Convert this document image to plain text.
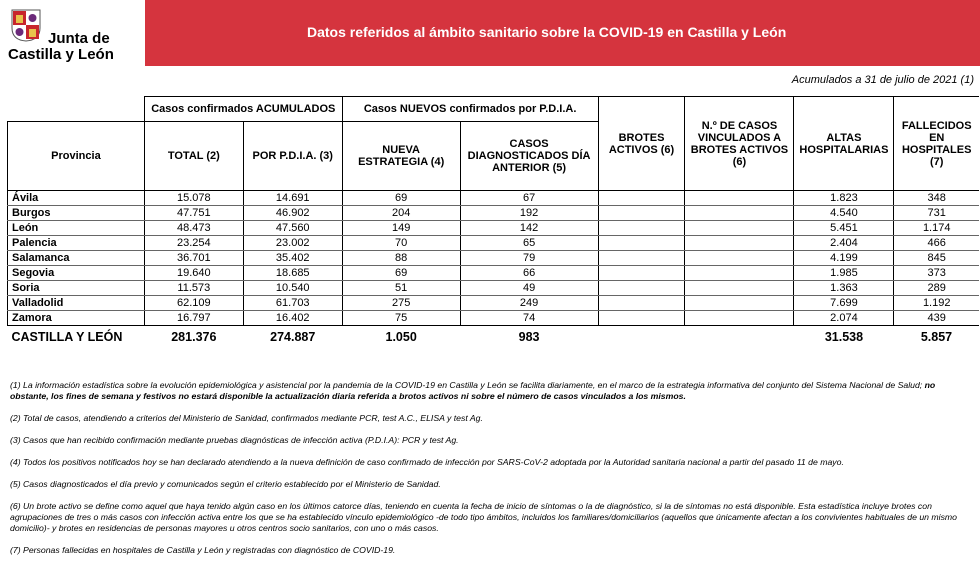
Junta de
Castilla y León
Datos referidos al ámbito sanitario sobre la COVID-19 en Castilla y León
Acumulados a 31 de julio de 2021 (1)
	Casos confirmados ACUMULADOS		Casos NUEVOS confirmados por P.D.I.A.		BROTES ACTIVOS (6)	N.º DE CASOS VINCULADOS A BROTES ACTIVOS (6)	ALTAS HOSPITALARIAS	FALLECIDOS EN HOSPITALES (7)
Provincia	TOTAL (2)	POR P.D.I.A. (3)	NUEVA ESTRATEGIA (4)	CASOS DIAGNOSTICADOS DÍA ANTERIOR (5)				
Ávila	15.078	14.691	69	67			1.823	348
Burgos	47.751	46.902	204	192			4.540	731
León	48.473	47.560	149	142			5.451	1.174
Palencia	23.254	23.002	70	65			2.404	466
Salamanca	36.701	35.402	88	79			4.199	845
Segovia	19.640	18.685	69	66			1.985	373
Soria	11.573	10.540	51	49			1.363	289
Valladolid	62.109	61.703	275	249			7.699	1.192
Zamora	16.797	16.402	75	74			2.074	439
CASTILLA Y LEÓN	281.376	274.887	1.050	983			31.538	5.857

(1) La información estadística sobre la evolución epidemiológica y asistencial por la pandemia de la COVID-19 en Castilla y León se facilita diariamente, en el marco de la estrategia informativa del conjunto del Sistema Nacional de Salud; no obstante, los fines de semana y festivos no estará disponible la actualización diaria referida a brotos activos ni sobre el número de casos vinculados a los mismos.

(2) Total de casos, atendiendo a criterios del Ministerio de Sanidad, confirmados mediante PCR, test A.C., ELISA y test Ag.

(3) Casos que han recibido confirmación mediante pruebas diagnósticas de infección activa (P.D.I.A): PCR y test Ag.

(4) Todos los positivos notificados hoy se han declarado atendiendo a la nueva definición de caso confirmado de infección por SARS-CoV-2 adoptada por la Autoridad sanitaria nacional a partir del pasado 11 de mayo.

(5) Casos diagnosticados el día previo y comunicados según el criterio establecido por el Ministerio de Sanidad.

(6) Un brote activo se define como aquel que haya tenido algún caso en los últimos catorce días, teniendo en cuenta la fecha de inicio de síntomas o la de diagnóstico, si la de síntomas no está disponible. Esta estadística incluye brotes con agrupaciones de tres o más casos con infección activa entre los que se ha establecido vínculo epidemiológico -de todo tipo ámbitos, incluidos los familiares/domiciliarios (aquellos que únicamente afectan a los convivientes habituales de un mismo domicilio)- y brotes en residencias de personas mayores u otros centros socio sanitarios, con uno o más casos.

(7) Personas fallecidas en hospitales de Castilla y León y registradas con diagnóstico de COVID-19.
